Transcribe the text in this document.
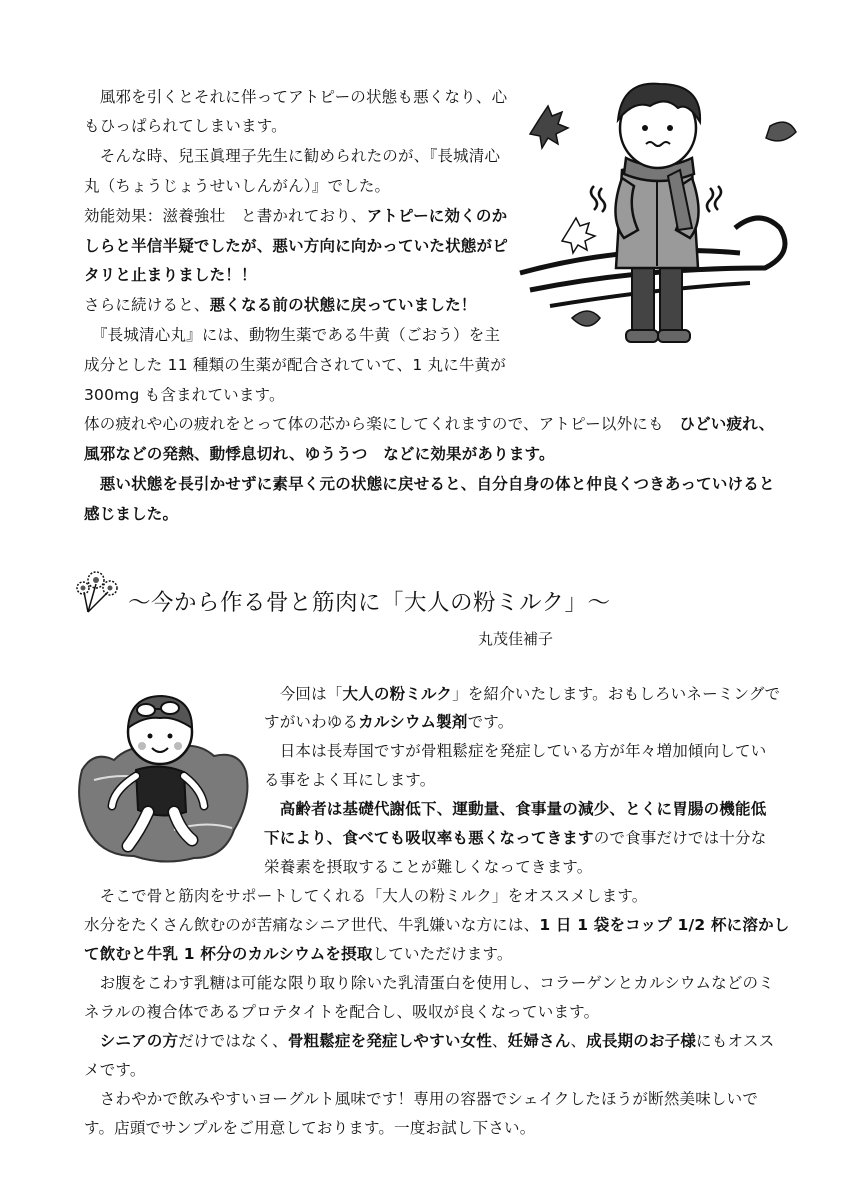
　風邪を引くとそれに伴ってアトピーの状態も悪くなり、心
もひっぱられてしまいます。
　そんな時、兒玉眞理子先生に勧められたのが、『長城清心
丸（ちょうじょうせいしんがん）』でした。
効能効果：滋養強壮　と書かれており、アトピーに効くのか
しらと半信半疑でしたが、悪い方向に向かっていた状態がピ
タリと止まりました！！
さらに続けると、悪くなる前の状態に戻っていました！
　『長城清心丸』には、動物生薬である牛黄（ごおう）を主
成分とした 11 種類の生薬が配合されていて、1 丸に牛黄が
300mg も含まれています。
体の疲れや心の疲れをとって体の芯から楽にしてくれますので、アトピー以外にも　ひどい疲れ、
風邪などの発熱、動悸息切れ、ゆううつ　などに効果があります。
　悪い状態を長引かせずに素早く元の状態に戻せると、自分自身の体と仲良くつきあっていけると
感じました。
～今から作る骨と筋肉に「大人の粉ミルク」～
丸茂佳補子
　今回は「大人の粉ミルク」を紹介いたします。おもしろいネーミングで
すがいわゆるカルシウム製剤です。
　日本は長寿国ですが骨粗鬆症を発症している方が年々増加傾向してい
る事をよく耳にします。
　高齢者は基礎代謝低下、運動量、食事量の減少、とくに胃腸の機能低
下により、食べても吸収率も悪くなってきますので食事だけでは十分な
栄養素を摂取することが難しくなってきます。
　そこで骨と筋肉をサポートしてくれる「大人の粉ミルク」をオススメします。
水分をたくさん飲むのが苦痛なシニア世代、牛乳嫌いな方には、1 日 1 袋をコップ 1/2 杯に溶かし
て飲むと牛乳 1 杯分のカルシウムを摂取していただけます。
　お腹をこわす乳糖は可能な限り取り除いた乳清蛋白を使用し、コラーゲンとカルシウムなどのミ
ネラルの複合体であるプロテタイトを配合し、吸収が良くなっています。
　シニアの方だけではなく、骨粗鬆症を発症しやすい女性、妊婦さん、成長期のお子様にもオスス
メです。
　さわやかで飲みやすいヨーグルト風味です！専用の容器でシェイクしたほうが断然美味しいで
す。店頭でサンプルをご用意しております。一度お試し下さい。
